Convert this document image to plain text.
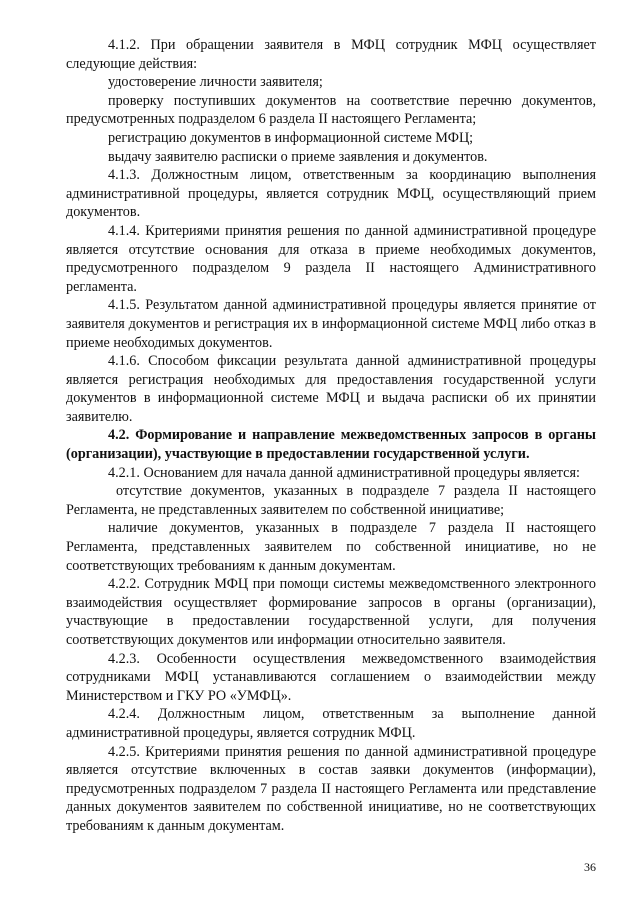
4.1.2. При обращении заявителя в МФЦ сотрудник МФЦ осуществляет следующие действия:

удостоверение личности заявителя;

проверку поступивших документов на соответствие перечню документов, предусмотренных подразделом 6 раздела II настоящего Регламента;

регистрацию документов в информационной системе МФЦ;

выдачу заявителю расписки о приеме заявления и документов.

4.1.3. Должностным лицом, ответственным за координацию выполнения административной процедуры, является сотрудник МФЦ, осуществляющий прием документов.

4.1.4. Критериями принятия решения по данной административной процедуре является отсутствие основания для отказа в приеме необходимых документов, предусмотренного подразделом 9 раздела II настоящего Административного регламента.

4.1.5. Результатом данной административной процедуры является принятие от заявителя документов и регистрация их в информационной системе МФЦ либо отказ в приеме необходимых документов.

4.1.6. Способом фиксации результата данной административной процедуры является регистрация необходимых для предоставления государственной услуги документов в информационной системе МФЦ и выдача расписки об их принятии заявителю.

4.2. Формирование и направление межведомственных запросов в органы (организации), участвующие в предоставлении государственной услуги.

4.2.1. Основанием для начала данной административной процедуры является:

отсутствие документов, указанных в подразделе 7 раздела II настоящего Регламента, не представленных заявителем по собственной инициативе;

наличие документов, указанных в подразделе 7 раздела II настоящего Регламента, представленных заявителем по собственной инициативе, но не соответствующих требованиям к данным документам.

4.2.2. Сотрудник МФЦ при помощи системы межведомственного электронного взаимодействия осуществляет формирование запросов в органы (организации), участвующие в предоставлении государственной услуги, для получения соответствующих документов или информации относительно заявителя.

4.2.3. Особенности осуществления межведомственного взаимодействия сотрудниками МФЦ устанавливаются соглашением о взаимодействии между Министерством и ГКУ РО «УМФЦ».

4.2.4. Должностным лицом, ответственным за выполнение данной административной процедуры, является сотрудник МФЦ.

4.2.5. Критериями принятия решения по данной административной процедуре является отсутствие включенных в состав заявки документов (информации), предусмотренных подразделом 7 раздела II настоящего Регламента или представление данных документов заявителем по собственной инициативе, но не соответствующих требованиям к данным документам.

36
